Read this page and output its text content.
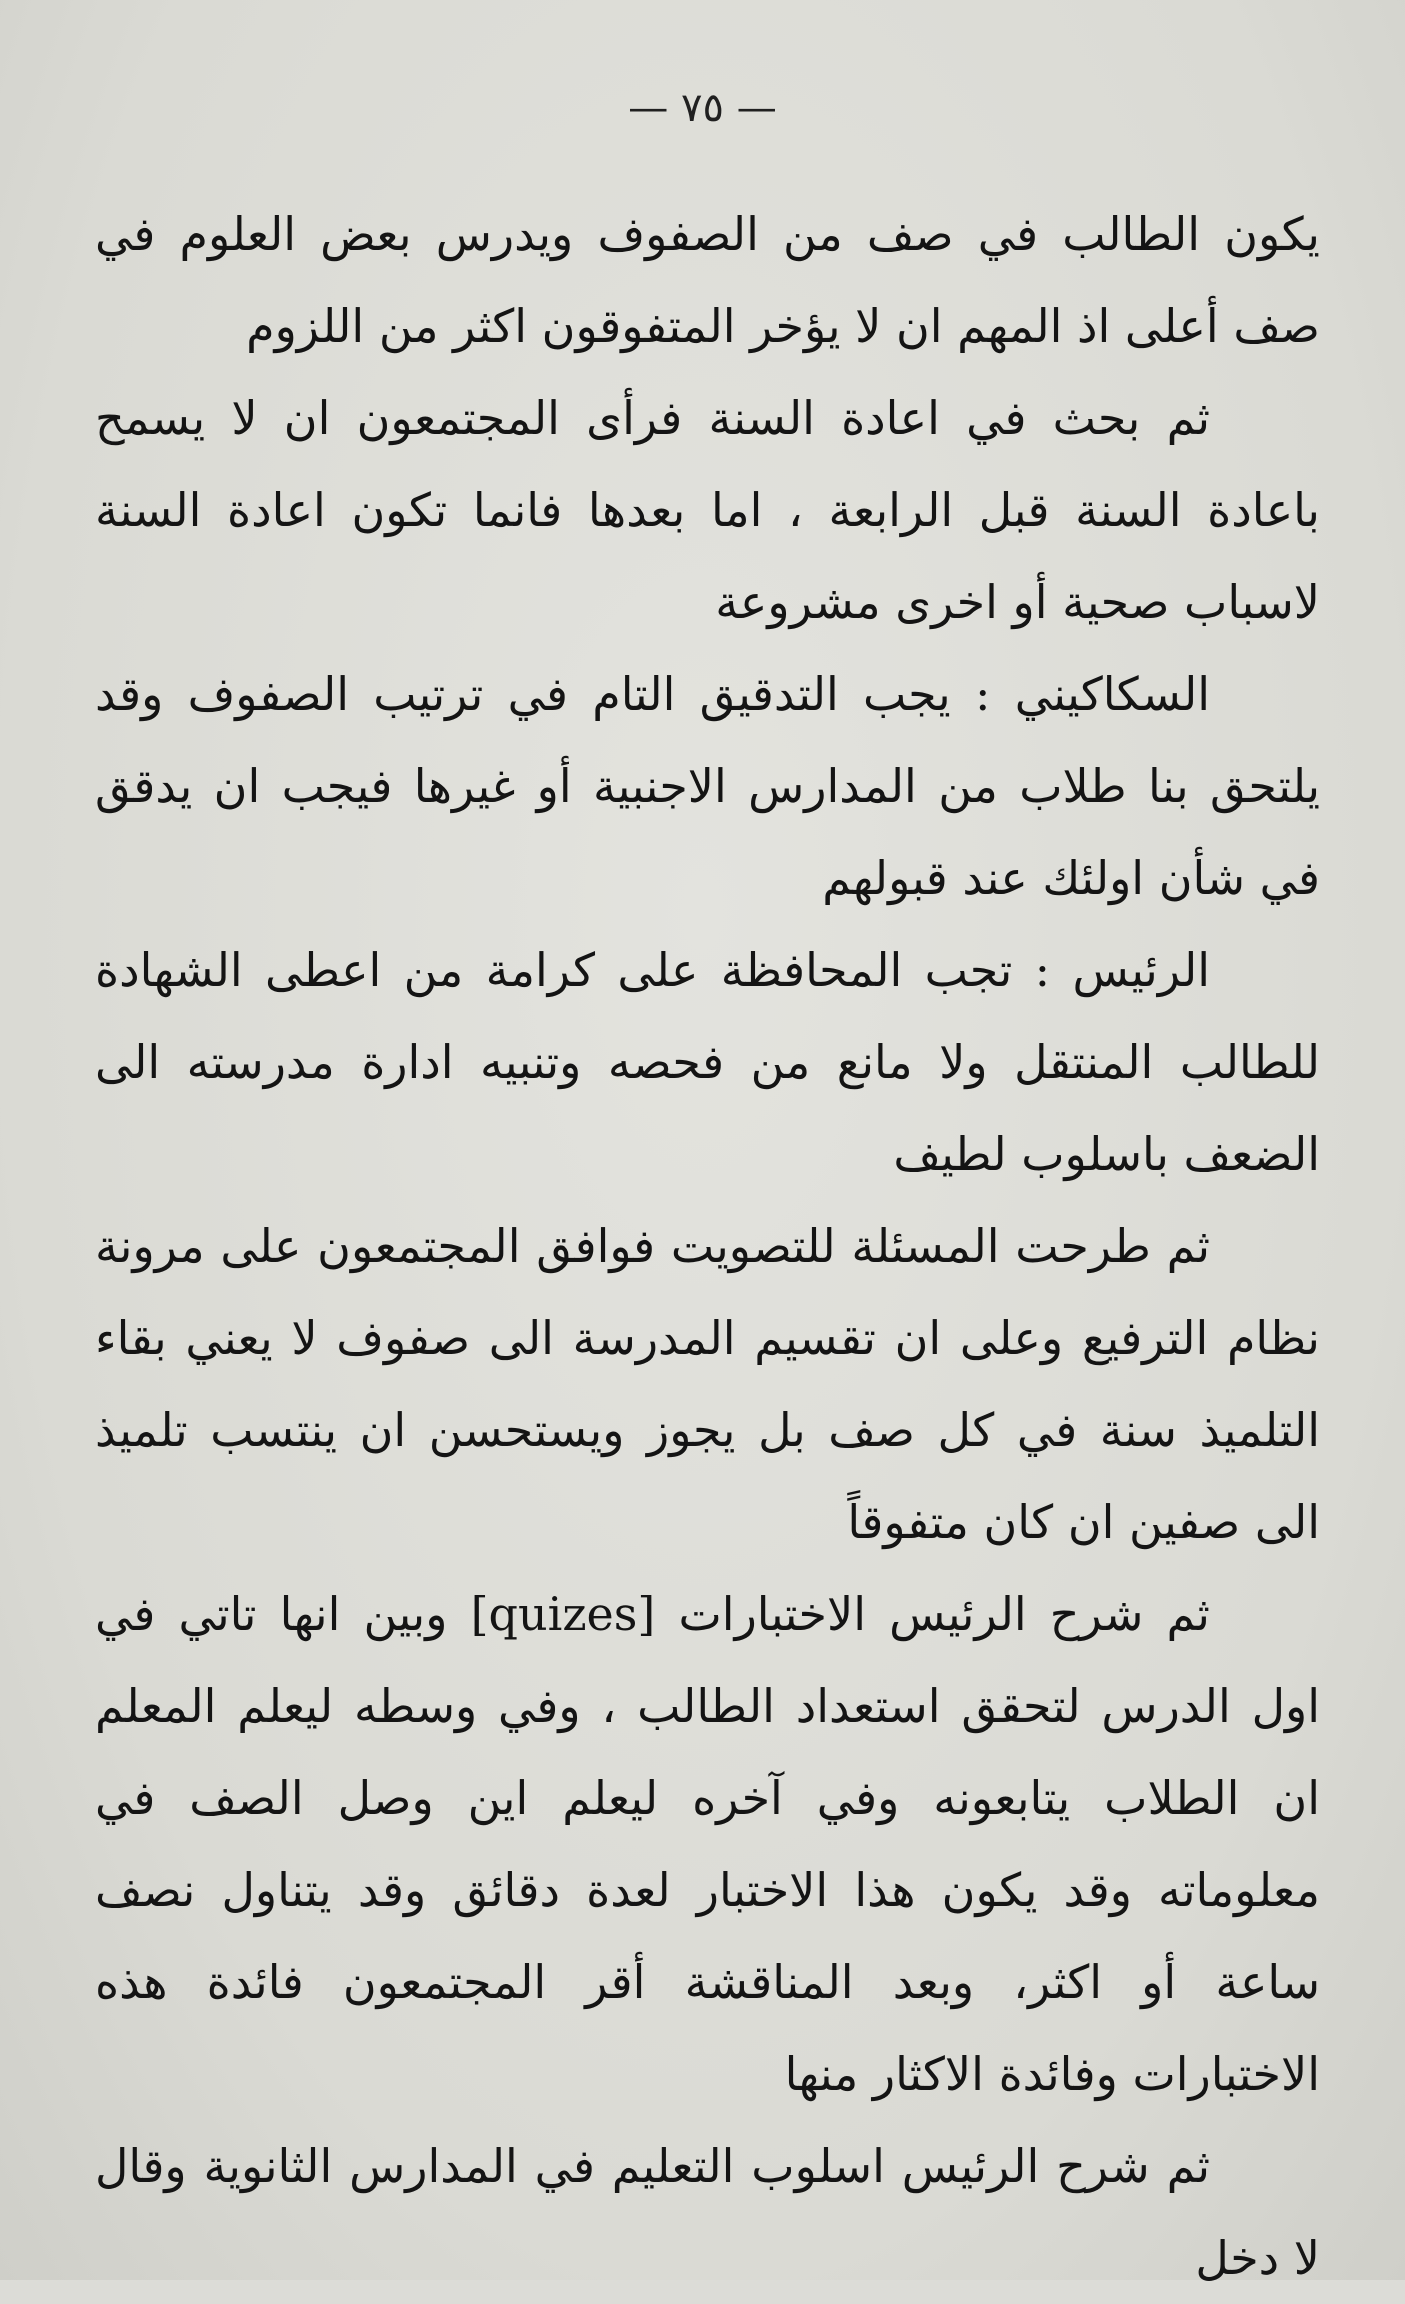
— ٧٥ —

يكون الطالب في صف من الصفوف ويدرس بعض العلوم في صف أعلى اذ المهم ان لا يؤخر المتفوقون اكثر من اللزوم

ثم بحث في اعادة السنة فرأى المجتمعون ان لا يسمح باعادة السنة قبل الرابعة ، اما بعدها فانما تكون اعادة السنة لاسباب صحية أو اخرى مشروعة

السكاكيني : يجب التدقيق التام في ترتيب الصفوف وقد يلتحق بنا طلاب من المدارس الاجنبية أو غيرها فيجب ان يدقق في شأن اولئك عند قبولهم

الرئيس : تجب المحافظة على كرامة من اعطى الشهادة للطالب المنتقل ولا مانع من فحصه وتنبيه ادارة مدرسته الى الضعف باسلوب لطيف

ثم طرحت المسئلة للتصويت فوافق المجتمعون على مرونة نظام الترفيع وعلى ان تقسيم المدرسة الى صفوف لا يعني بقاء التلميذ سنة في كل صف بل يجوز ويستحسن ان ينتسب تلميذ الى صفين ان كان متفوقاً

ثم شرح الرئيس الاختبارات [quizes] وبين انها تاتي في اول الدرس لتحقق استعداد الطالب ، وفي وسطه ليعلم المعلم ان الطلاب يتابعونه وفي آخره ليعلم اين وصل الصف في معلوماته وقد يكون هذا الاختبار لعدة دقائق وقد يتناول نصف ساعة أو اكثر، وبعد المناقشة أقر المجتمعون فائدة هذه الاختبارات وفائدة الاكثار منها

ثم شرح الرئيس اسلوب التعليم في المدارس الثانوية وقال لا دخل
